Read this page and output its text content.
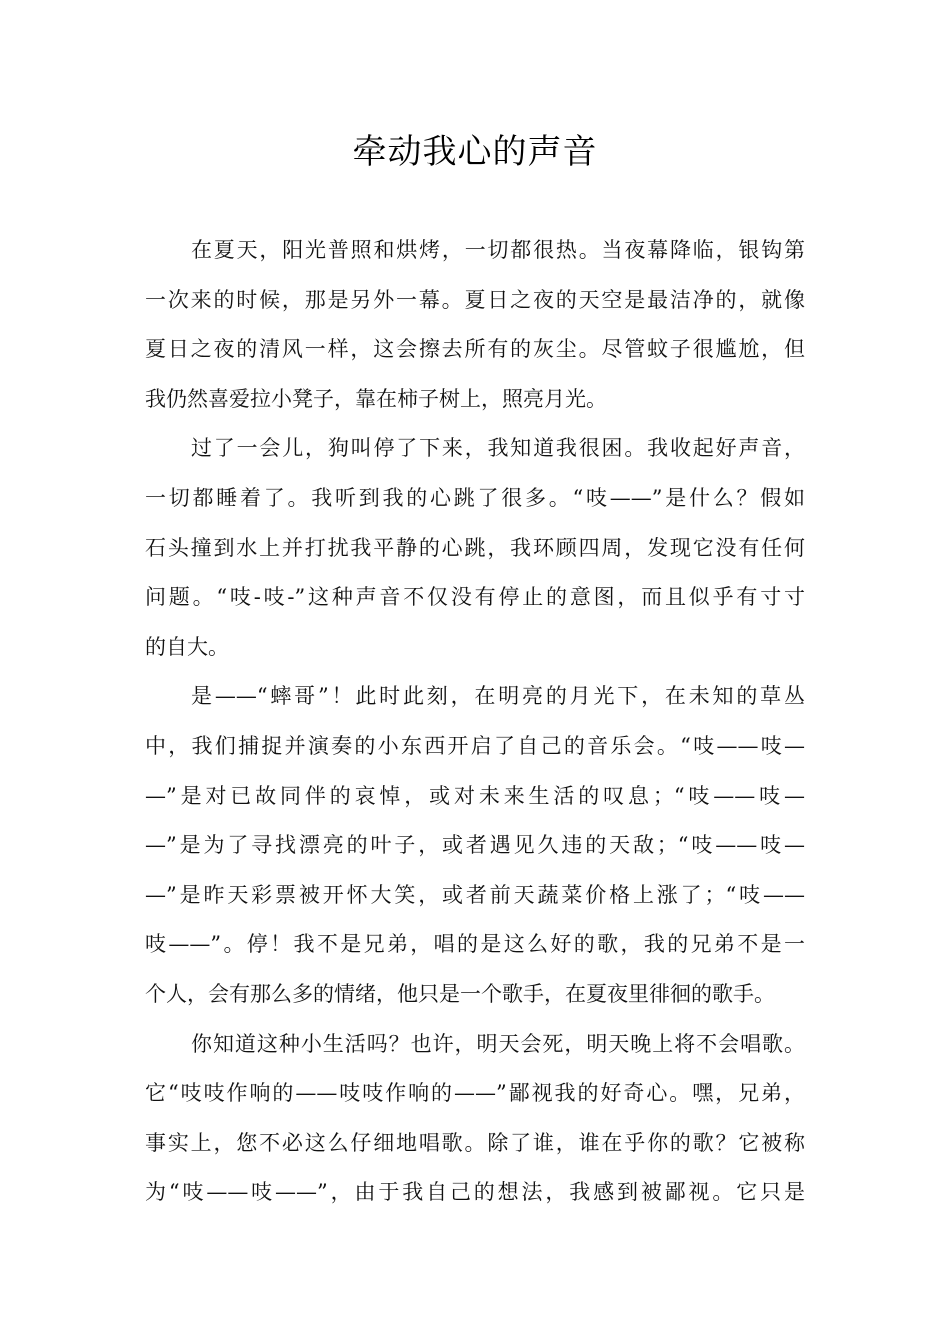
牵动我心的声音
在夏天，阳光普照和烘烤，一切都很热。当夜幕降临，银钩第
一次来的时候，那是另外一幕。夏日之夜的天空是最洁净的，就像
夏日之夜的清风一样，这会擦去所有的灰尘。尽管蚊子很尴尬，但
我仍然喜爱拉小凳子，靠在柿子树上，照亮月光。
过了一会儿，狗叫停了下来，我知道我很困。我收起好声音，
一切都睡着了。我听到我的心跳了很多。“吱——”是什么？假如
石头撞到水上并打扰我平静的心跳，我环顾四周，发现它没有任何
问题。“吱-吱-”这种声音不仅没有停止的意图，而且似乎有寸寸
的自大。
是——“蟀哥”！此时此刻，在明亮的月光下，在未知的草丛
中，我们捕捉并演奏的小东西开启了自己的音乐会。“吱——吱—
—”是对已故同伴的哀悼，或对未来生活的叹息；“吱——吱—
—”是为了寻找漂亮的叶子，或者遇见久违的天敌；“吱——吱—
—”是昨天彩票被开怀大笑，或者前天蔬菜价格上涨了；“吱——
吱——”。停！我不是兄弟，唱的是这么好的歌，我的兄弟不是一
个人，会有那么多的情绪，他只是一个歌手，在夏夜里徘徊的歌手。
你知道这种小生活吗？也许，明天会死，明天晚上将不会唱歌。
它“吱吱作响的——吱吱作响的——”鄙视我的好奇心。嘿，兄弟，
事实上，您不必这么仔细地唱歌。除了谁，谁在乎你的歌？它被称
为“吱——吱——”，由于我自己的想法，我感到被鄙视。它只是
